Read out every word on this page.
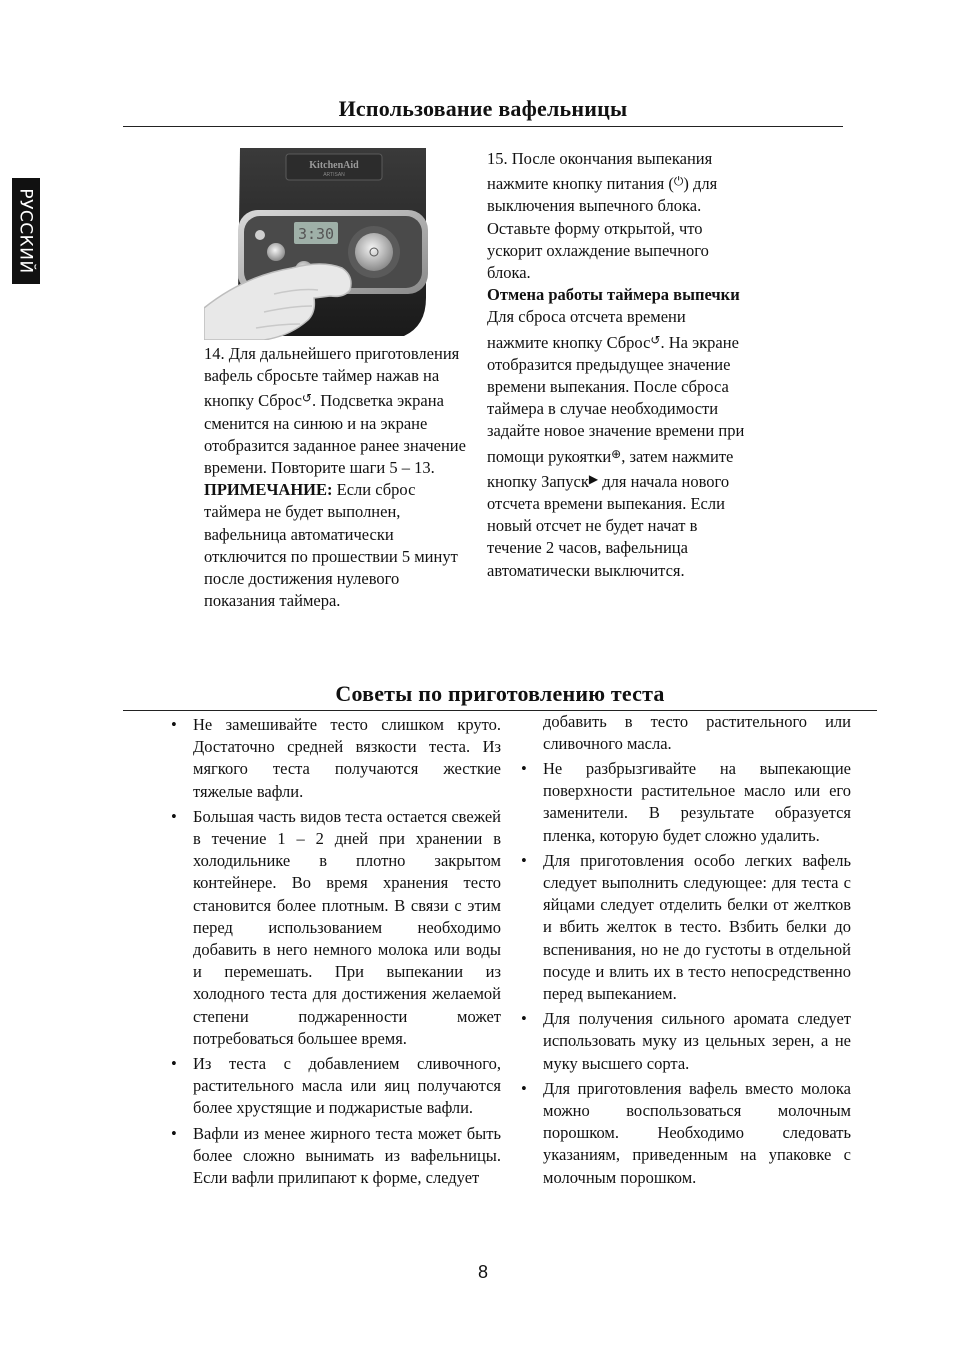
Использование вафельницы
РУССКИЙ
KitchenAid
ARTISAN
3:30

14. Для дальнейшего приготовления вафель сбросьте таймер нажав на кнопку Сброс↺. Подсветка экрана сменится на синюю и на экране отобразится заданное ранее значение времени. Повторите шаги 5 – 13.

ПРИМЕЧАНИЕ: Если сброс таймера не будет выполнен, вафельница автоматически отключится по прошествии 5 минут после достижения нулевого показания таймера.

15. После окончания выпекания нажмите кнопку питания (⏻) для выключения выпечного блока. Оставьте форму открытой, что ускорит охлаждение выпечного блока.

Отмена работы таймера выпечки

Для сброса отсчета времени нажмите кнопку Сброс↺. На экране отобразится предыдущее значение времени выпекания. После сброса таймера в случае необходимости задайте новое значение времени при помощи рукоятки⊕, затем нажмите кнопку Запуск▶ для начала нового отсчета времени выпекания. Если новый отсчет не будет начат в течение 2 часов, вафельница автоматически выключится.

Советы по приготовлению теста
• Не замешивайте тесто слишком круто. Достаточно средней вязкости теста. Из мягкого теста получаются жесткие тяжелые вафли.
• Большая часть видов теста остается свежей в течение 1 – 2 дней при хранении в холодильнике в плотно закрытом контейнере. Во время хранения тесто становится более плотным. В связи с этим перед использованием необходимо добавить в него немного молока или воды и перемешать. При выпекании из холодного теста для достижения желаемой степени поджаренности может потребоваться большее время.
• Из теста с добавлением сливочного, растительного масла или яиц получаются более хрустящие и поджаристые вафли.
• Вафли из менее жирного теста может быть более сложно вынимать из вафельницы. Если вафли прилипают к форме, следует

добавить в тесто растительного или сливочного масла.

• Не разбрызгивайте на выпекающие поверхности растительное масло или его заменители. В результате образуется пленка, которую будет сложно удалить.
• Для приготовления особо легких вафель следует выполнить следующее: для теста с яйцами следует отделить белки от желтков и вбить желток в тесто. Взбить белки до вспенивания, но не до густоты в отдельной посуде и влить их в тесто непосредственно перед выпеканием.
• Для получения сильного аромата следует использовать муку из цельных зерен, а не муку высшего сорта.
• Для приготовления вафель вместо молока можно воспользоваться молочным порошком. Необходимо следовать указаниям, приведенным на упаковке с молочным порошком.
8
